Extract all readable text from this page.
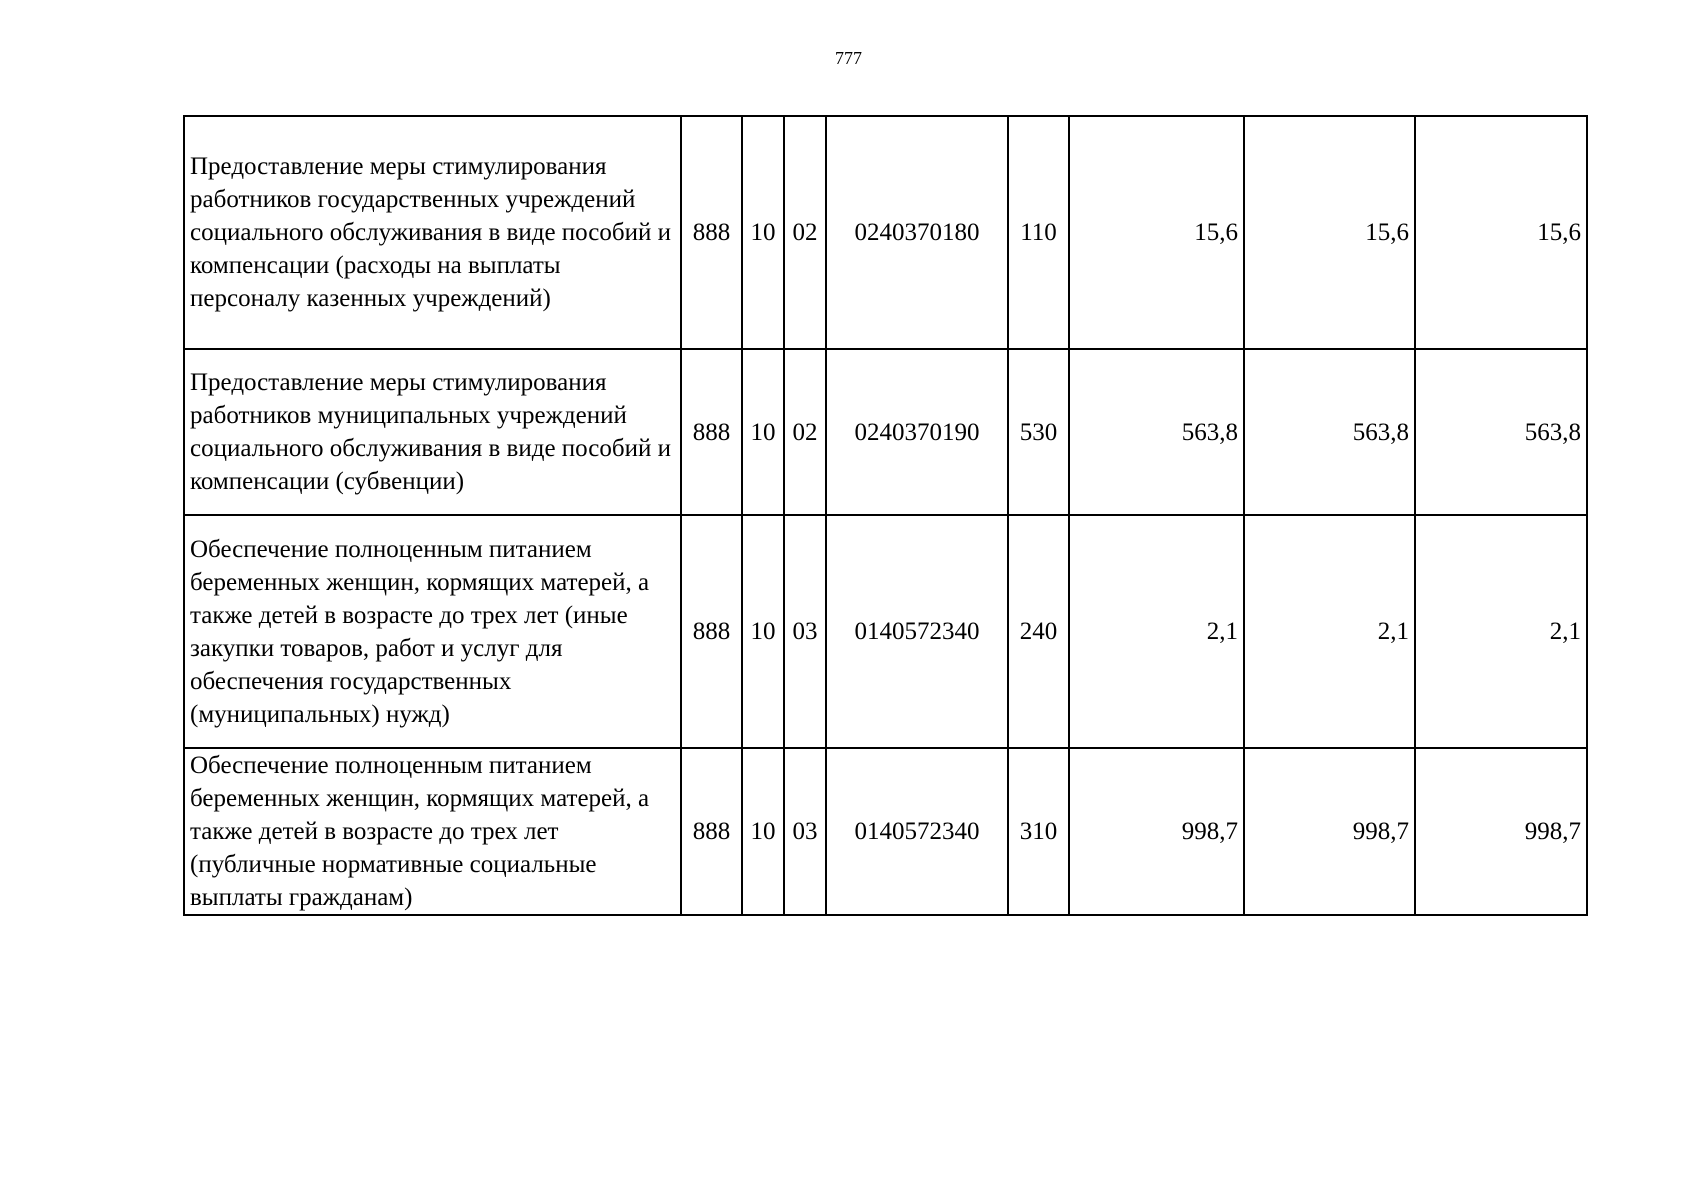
777
Предоставление меры стимулирования работников государственных учреждений социального обслуживания в виде пособий и компенсации (расходы на выплаты персоналу казенных учреждений)	888	10	02	0240370180	110	15,6	15,6	15,6
Предоставление меры стимулирования работников муниципальных учреждений социального обслуживания в виде пособий и компенсации (субвенции)	888	10	02	0240370190	530	563,8	563,8	563,8
Обеспечение полноценным питанием беременных женщин, кормящих матерей, а также детей в возрасте до трех лет (иные закупки товаров, работ и услуг для обеспечения государственных (муниципальных) нужд)	888	10	03	0140572340	240	2,1	2,1	2,1
Обеспечение полноценным питанием беременных женщин, кормящих матерей, а также детей в возрасте до трех лет (публичные нормативные социальные выплаты гражданам)	888	10	03	0140572340	310	998,7	998,7	998,7
